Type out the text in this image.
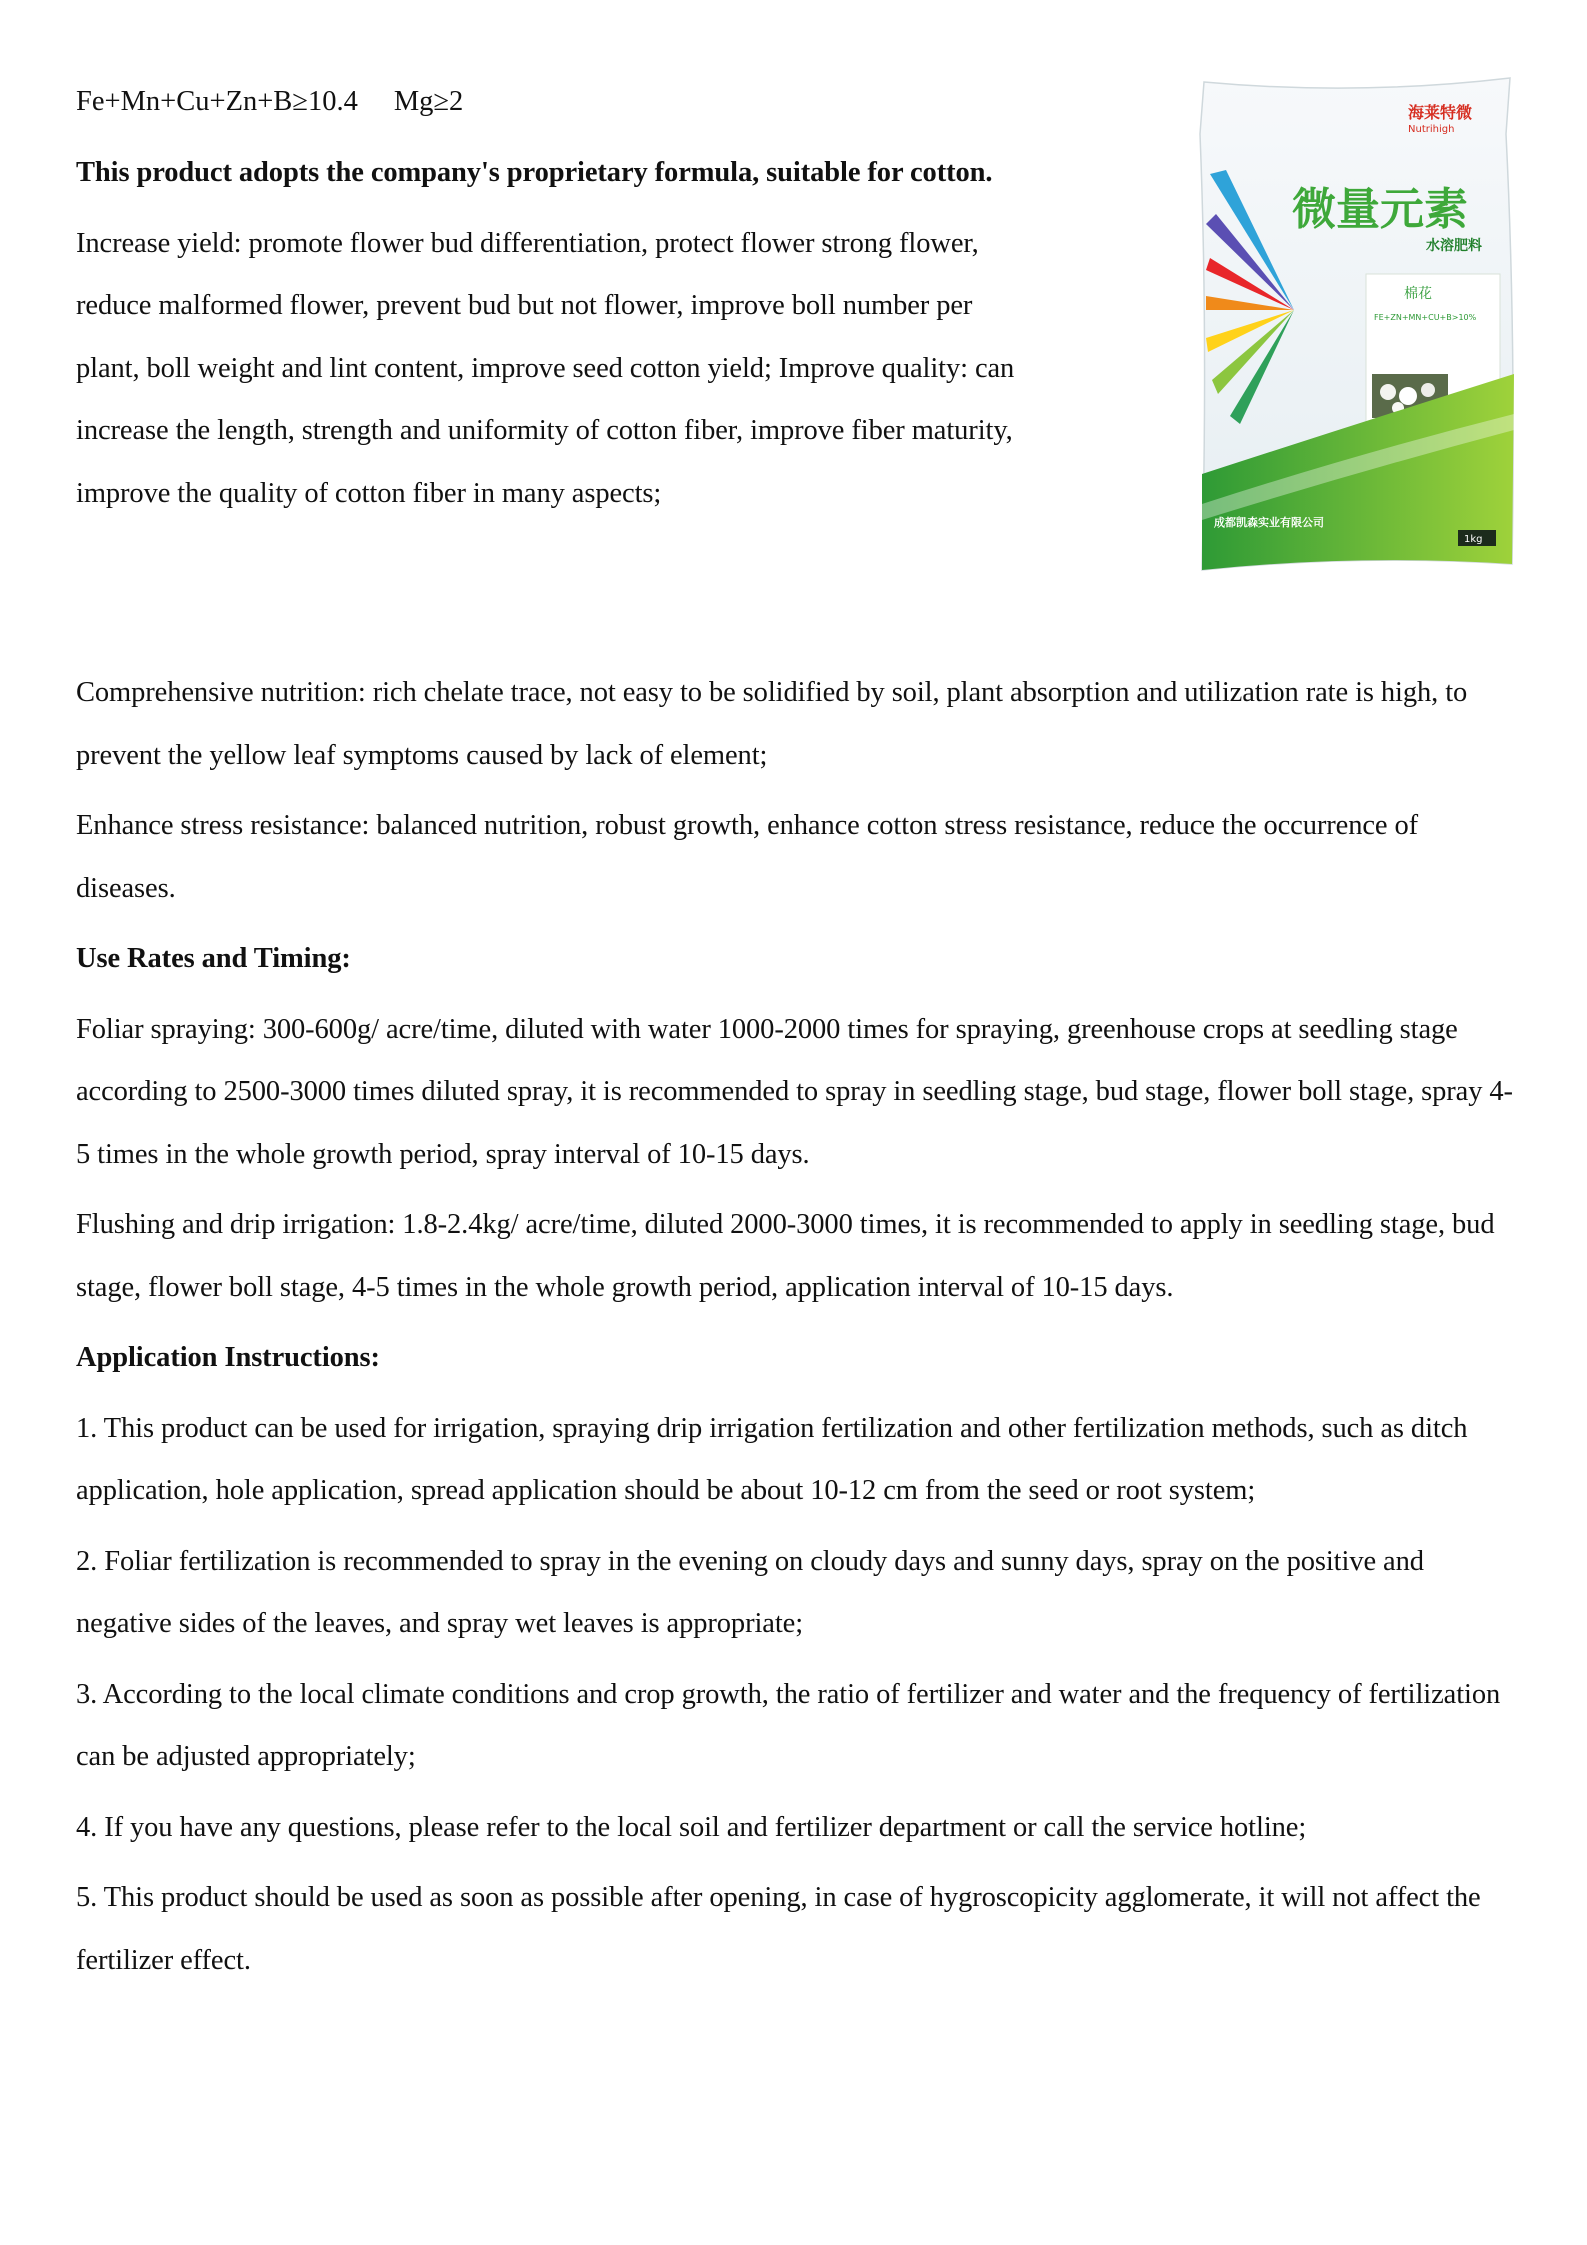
Fe+Mn+Cu+Zn+B≥10.4 Mg≥2

This product adopts the company's proprietary formula, suitable for cotton.

Increase yield: promote flower bud differentiation, protect flower strong flower, reduce malformed flower, prevent bud but not flower, improve boll number per plant, boll weight and lint content, improve seed cotton yield; Improve quality: can increase the length, strength and uniformity of cotton fiber, improve fiber maturity, improve the quality of cotton fiber in many aspects;

Comprehensive nutrition: rich chelate trace, not easy to be solidified by soil, plant absorption and utilization rate is high, to prevent the yellow leaf symptoms caused by lack of element;

Enhance stress resistance: balanced nutrition, robust growth, enhance cotton stress resistance, reduce the occurrence of diseases.

Use Rates and Timing:

Foliar spraying: 300-600g/ acre/time, diluted with water 1000-2000 times for spraying, greenhouse crops at seedling stage according to 2500-3000 times diluted spray, it is recommended to spray in seedling stage, bud stage, flower boll stage, spray 4-5 times in the whole growth period, spray interval of 10-15 days.

Flushing and drip irrigation: 1.8-2.4kg/ acre/time, diluted 2000-3000 times, it is recommended to apply in seedling stage, bud stage, flower boll stage, 4-5 times in the whole growth period, application interval of 10-15 days.

Application Instructions:

1. This product can be used for irrigation, spraying drip irrigation fertilization and other fertilization methods, such as ditch application, hole application, spread application should be about 10-12 cm from the seed or root system;

2. Foliar fertilization is recommended to spray in the evening on cloudy days and sunny days, spray on the positive and negative sides of the leaves, and spray wet leaves is appropriate;

3. According to the local climate conditions and crop growth, the ratio of fertilizer and water and the frequency of fertilization can be adjusted appropriately;

4. If you have any questions, please refer to the local soil and fertilizer department or call the service hotline;

5. This product should be used as soon as possible after opening, in case of hygroscopicity agglomerate, it will not affect the fertilizer effect.

海莱特微
Nutrihigh
微量元素
水溶肥料
棉花
FE+ZN+MN+CU+B>10%
成都凯森实业有限公司
1kg
